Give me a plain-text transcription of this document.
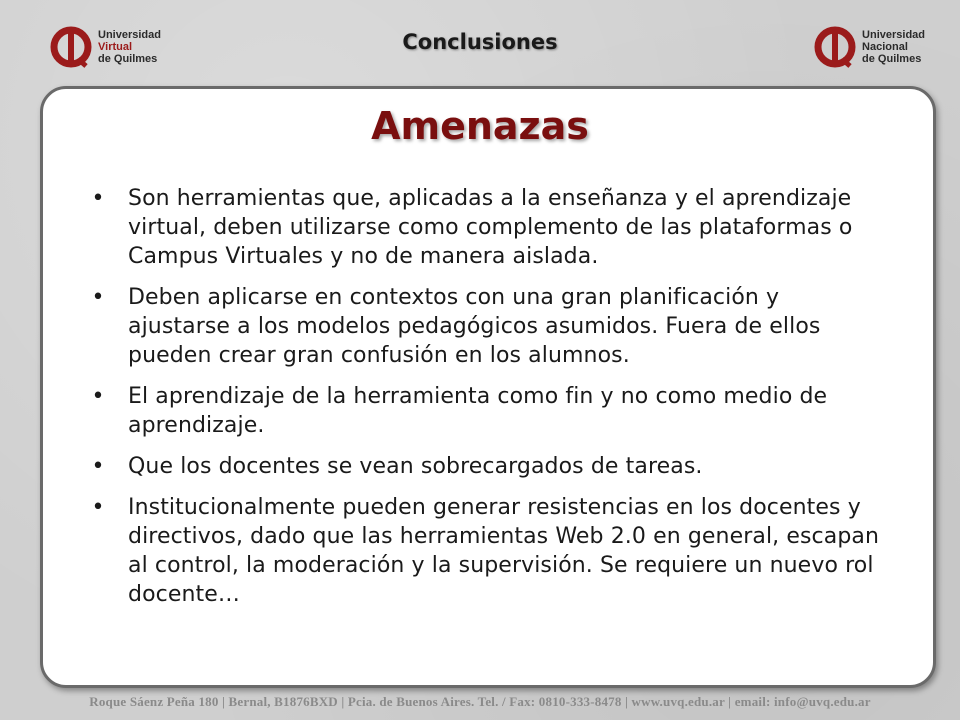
Universidad
Virtual
de Quilmes
Conclusiones	Universidad
Nacional
de Quilmes
Amenazas
• Son herramientas que, aplicadas a la enseñanza y el aprendizaje virtual, deben utilizarse como complemento de las plataformas o Campus Virtuales y no de manera aislada.
• Deben aplicarse en contextos con una gran planificación y ajustarse a los modelos pedagógicos asumidos. Fuera de ellos pueden crear gran confusión en los alumnos.
• El aprendizaje de la herramienta como fin y no como medio de aprendizaje.
• Que los docentes se vean sobrecargados de tareas.
• Institucionalmente pueden generar resistencias en los docentes y directivos, dado que las herramientas Web 2.0 en general, escapan al control, la moderación y la supervisión. Se requiere un nuevo rol docente…
Roque Sáenz Peña 180 | Bernal, B1876BXD | Pcia. de Buenos Aires. Tel. / Fax: 0810-333-8478 | www.uvq.edu.ar | email: info@uvq.edu.ar
